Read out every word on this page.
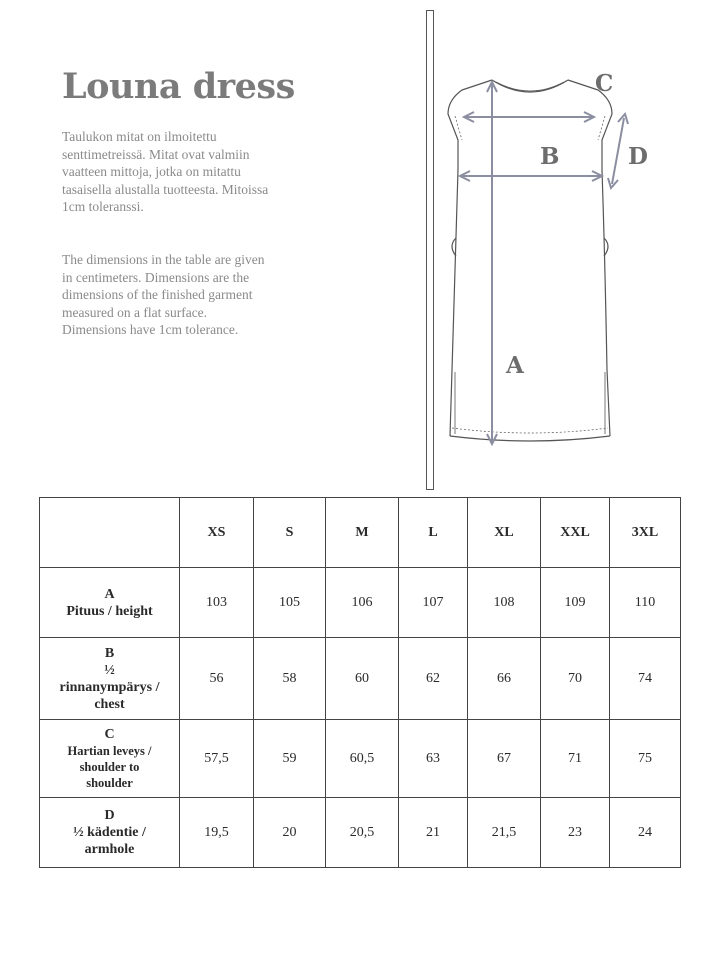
Louna dress
Taulukon mitat on ilmoitettu
senttimetreissä. Mitat ovat valmiin
vaatteen mittoja, jotka on mitattu
tasaisella alustalla tuotteesta. Mitoissa
1cm toleranssi.
The dimensions in the table are given
in centimeters. Dimensions are the
dimensions of the finished garment
measured on a flat surface.
Dimensions have 1cm tolerance.
C
B	D
A
	XS	S	M	L	XL	XXL	3XL

A
Pituus / height	103	105	106	107	108	109	110

B
½
rinnanympärys /
chest	56	58	60	62	66	70	74

C
Hartian leveys /
shoulder to
shoulder	57,5	59	60,5	63	67	71	75

D
½ kädentie /
armhole	19,5	20	20,5	21	21,5	23	24
